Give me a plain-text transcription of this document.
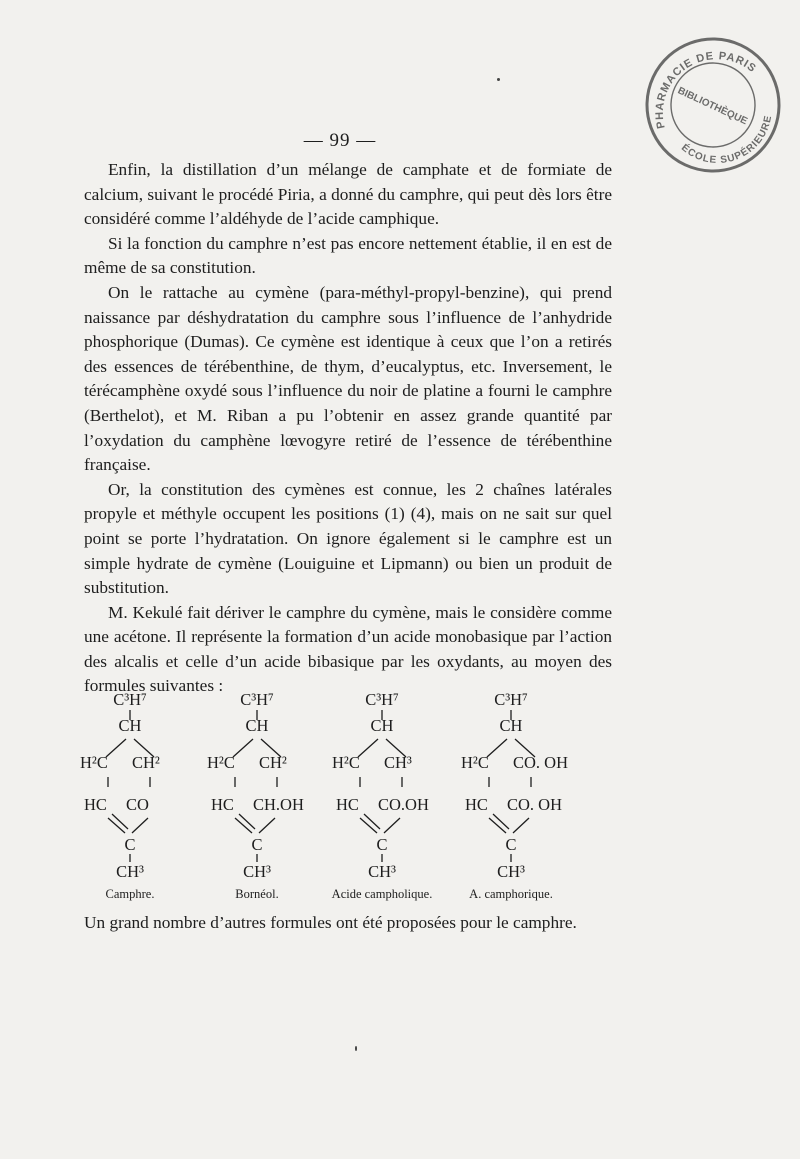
PHARMACIE DE PARIS
ÉCOLE SUPÉRIEURE
BIBLIOTHÈQUE
— 99 —

Enfin, la distillation d’un mélange de camphate et de formiate de calcium, suivant le procédé Piria, a donné du camphre, qui peut dès lors être considéré comme l’aldéhyde de l’acide camphique.

Si la fonction du camphre n’est pas encore nettement établie, il en est de même de sa constitution.

On le rattache au cymène (para-méthyl-propyl-benzine), qui prend naissance par déshydratation du camphre sous l’influence de l’anhydride phosphorique (Dumas). Ce cymène est identique à ceux que l’on a retirés des essences de térébenthine, de thym, d’eucalyptus, etc. Inversement, le térécamphène oxydé sous l’influence du noir de platine a fourni le camphre (Berthelot), et M. Riban a pu l’obtenir en assez grande quantité par l’oxydation du camphène lœvogyre retiré de l’essence de térébenthine française.

Or, la constitution des cymènes est connue, les 2 chaînes latérales propyle et méthyle occupent les positions (1) (4), mais on ne sait sur quel point se porte l’hydratation. On ignore également si le camphre est un simple hydrate de cymène (Louiguine et Lipmann) ou bien un produit de substitution.

M. Kekulé fait dériver le camphre du cymène, mais le considère comme une acétone. Il représente la formation d’un acide monobasique par l’action des alcalis et celle d’un acide bibasique par les oxydants, au moyen des formules suivantes :

C³H⁷
CH
H²C CH²
HC CO
C
CH³
Camphre.
C³H⁷
CH
H²C CH²
HC CH.OH
C
CH³
Bornéol.
C³H⁷
CH
H²C CH³
HC CO.OH
C
CH³
Acide campholique.
C³H⁷
CH
H²C CO. OH
HC CO. OH
C
CH³
A. camphorique.

Un grand nombre d’autres formules ont été proposées pour le camphre.
